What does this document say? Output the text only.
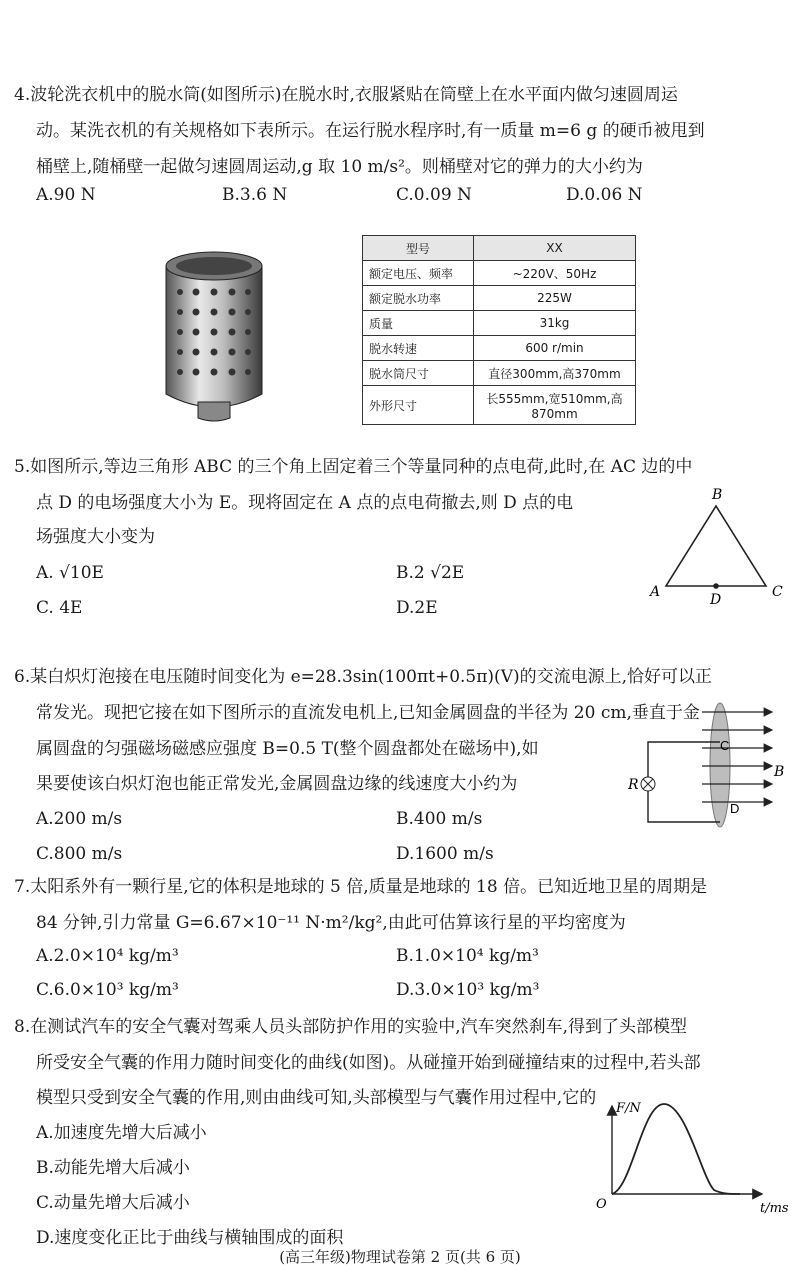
4.波轮洗衣机中的脱水筒(如图所示)在脱水时,衣服紧贴在筒壁上在水平面内做匀速圆周运
动。某洗衣机的有关规格如下表所示。在运行脱水程序时,有一质量 m=6 g 的硬币被甩到
桶壁上,随桶壁一起做匀速圆周运动,g 取 10 m/s²。则桶壁对它的弹力的大小约为
A.90 N	B.3.6 N	C.0.09 N	D.0.06 N
型号	XX
额定电压、频率	~220V、50Hz
额定脱水功率	225W
质量	31kg
脱水转速	600 r/min
脱水筒尺寸	直径300mm,高370mm
外形尺寸	长555mm,宽510mm,高870mm
5.如图所示,等边三角形 ABC 的三个角上固定着三个等量同种的点电荷,此时,在 AC 边的中
点 D 的电场强度大小为 E。现将固定在 A 点的点电荷撤去,则 D 点的电
场强度大小变为
A. √10E	B.2 √2E
C. 4E	D.2E
B
A	C
D
6.某白炽灯泡接在电压随时间变化为 e=28.3sin(100πt+0.5π)(V)的交流电源上,恰好可以正
常发光。现把它接在如下图所示的直流发电机上,已知金属圆盘的半径为 20 cm,垂直于金
属圆盘的匀强磁场磁感应强度 B=0.5 T(整个圆盘都处在磁场中),如
果要使该白炽灯泡也能正常发光,金属圆盘边缘的线速度大小约为
A.200 m/s	B.400 m/s
C.800 m/s	D.1600 m/s
C
D
R
B
7.太阳系外有一颗行星,它的体积是地球的 5 倍,质量是地球的 18 倍。已知近地卫星的周期是
84 分钟,引力常量 G=6.67×10⁻¹¹ N·m²/kg²,由此可估算该行星的平均密度为
A.2.0×10⁴ kg/m³	B.1.0×10⁴ kg/m³
C.6.0×10³ kg/m³	D.3.0×10³ kg/m³
8.在测试汽车的安全气囊对驾乘人员头部防护作用的实验中,汽车突然刹车,得到了头部模型
所受安全气囊的作用力随时间变化的曲线(如图)。从碰撞开始到碰撞结束的过程中,若头部
模型只受到安全气囊的作用,则由曲线可知,头部模型与气囊作用过程中,它的
A.加速度先增大后减小
B.动能先增大后减小
C.动量先增大后减小
D.速度变化正比于曲线与横轴围成的面积
F/N
t/ms
O
(高三年级)物理试卷第 2 页(共 6 页)
